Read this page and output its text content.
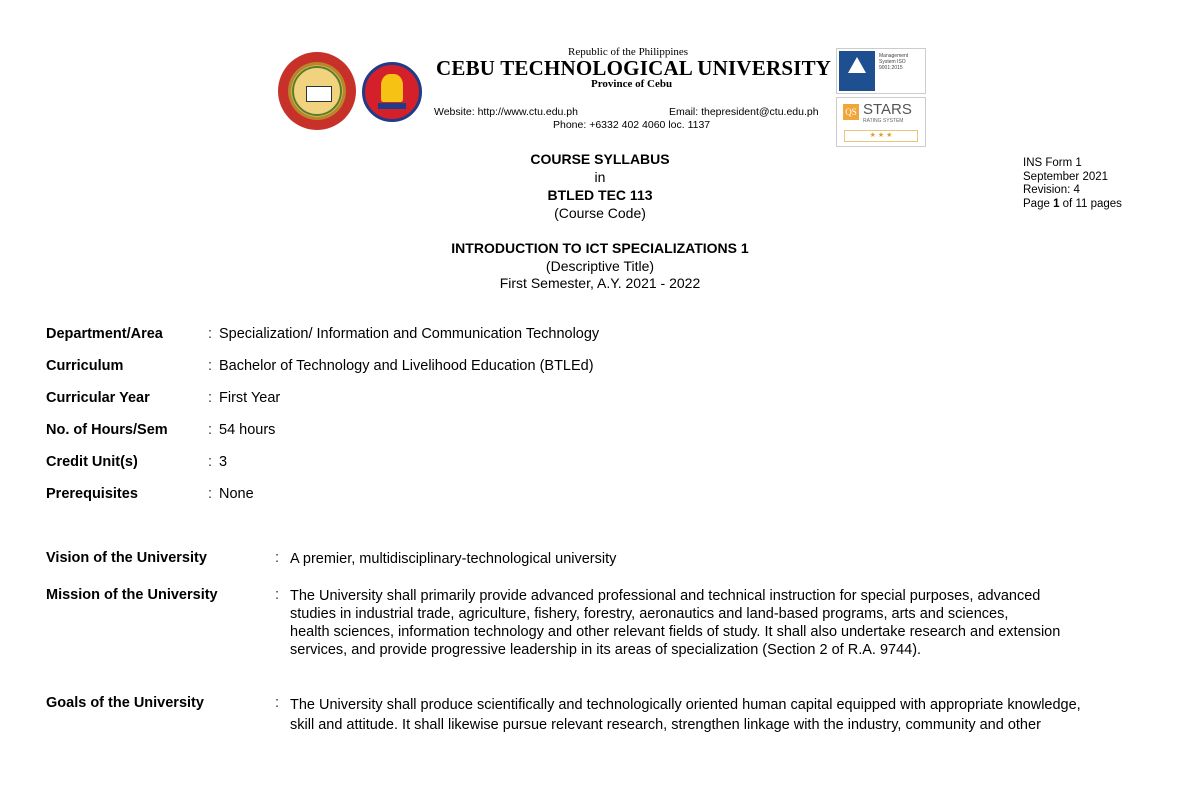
Republic of the Philippines
CEBU TECHNOLOGICAL UNIVERSITY
Province of Cebu
Website: http://www.ctu.edu.ph	Email: thepresident@ctu.edu.ph
Phone: +6332 402 4060 loc. 1137
Management System ISO 9001:2015
QS STARS
RATING SYSTEM
★ ★ ★
COURSE SYLLABUS
in
BTLED TEC 113
(Course Code)
INTRODUCTION TO ICT SPECIALIZATIONS 1
(Descriptive Title)
First Semester, A.Y. 2021 - 2022
INS Form 1
September 2021
Revision: 4
Page 1 of 11 pages
Department/Area	: Specialization/ Information and Communication Technology
Curriculum	: Bachelor of Technology and Livelihood Education (BTLEd)
Curricular Year	: First Year
No. of Hours/Sem	: 54 hours
Credit Unit(s)	: 3
Prerequisites	: None
Vision of the University	: A premier, multidisciplinary-technological university
Mission of the University	: The University shall primarily provide advanced professional and technical instruction for special purposes, advanced
studies in industrial trade, agriculture, fishery, forestry, aeronautics and land-based programs, arts and sciences,
health sciences, information technology and other relevant fields of study. It shall also undertake research and extension
services, and provide progressive leadership in its areas of specialization (Section 2 of R.A. 9744).
Goals of the University	: The University shall produce scientifically and technologically oriented human capital equipped with appropriate knowledge,
skill and attitude. It shall likewise pursue relevant research, strengthen linkage with the industry, community and other
